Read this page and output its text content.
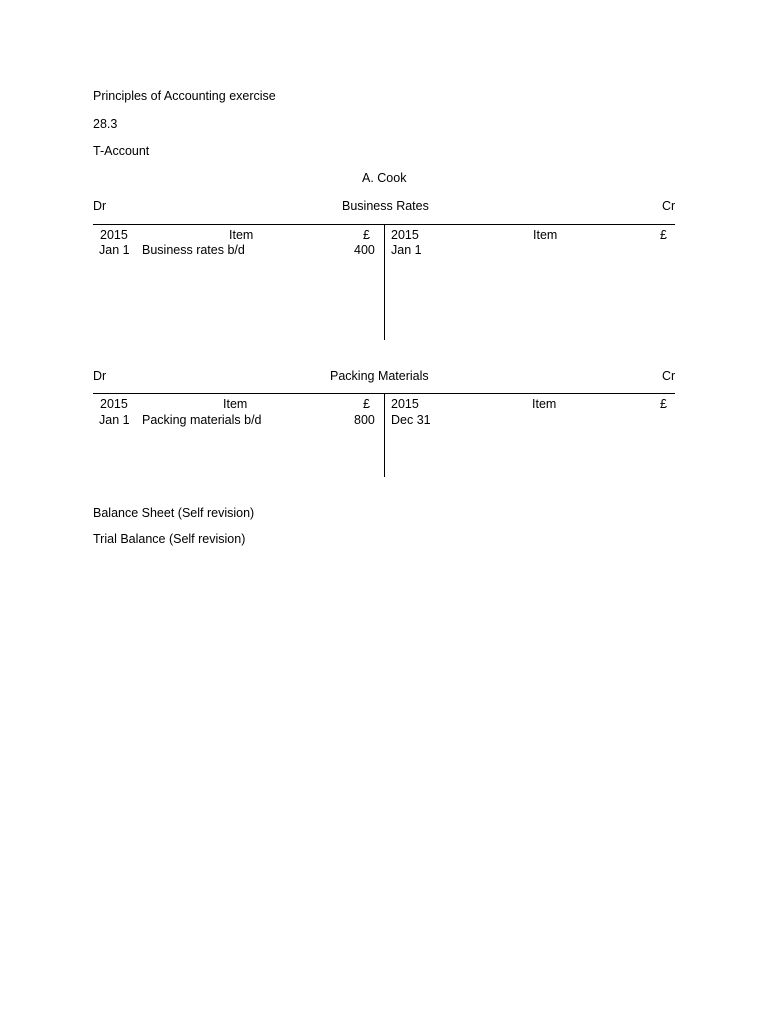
Principles of Accounting exercise
28.3
T-Account
A. Cook
Dr	Business Rates	Cr
2015	Item	£
Jan 1 Business rates b/d	400
2015	Item	£
Jan 1
Dr	Packing Materials	Cr
2015	Item	£
Jan 1 Packing materials b/d	800
2015	Item	£
Dec 31
Balance Sheet (Self revision)
Trial Balance (Self revision)
